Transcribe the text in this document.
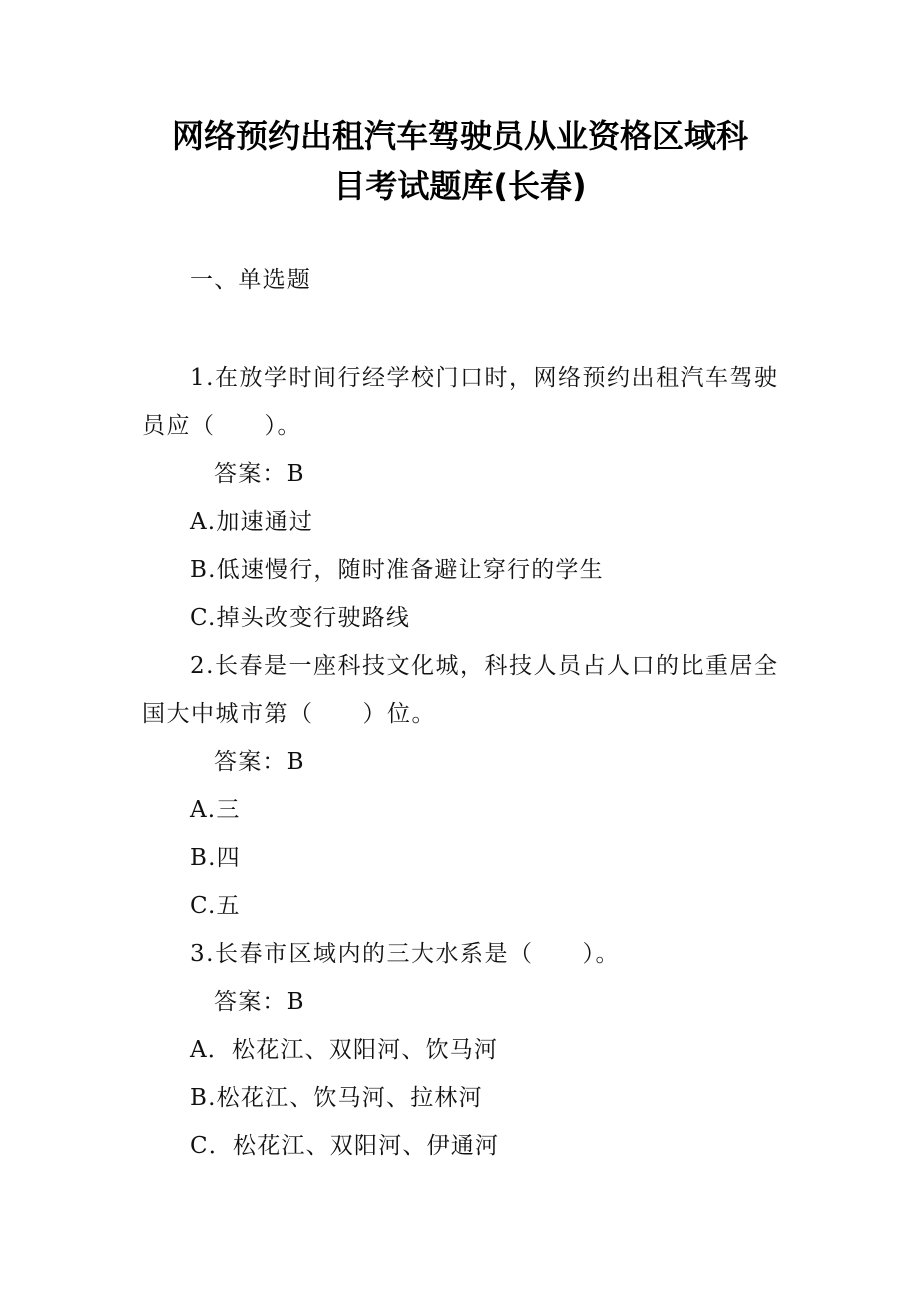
网络预约出租汽车驾驶员从业资格区域科
目考试题库(长春)
一、单选题
1.在放学时间行经学校门口时，网络预约出租汽车驾驶
员应（　　）。
答案：B
A.加速通过
B.低速慢行，随时准备避让穿行的学生
C.掉头改变行驶路线
2.长春是一座科技文化城，科技人员占人口的比重居全
国大中城市第（　　）位。
答案：B
A.三
B.四
C.五
3.长春市区域内的三大水系是（　　）。
答案：B
A．松花江、双阳河、饮马河
B.松花江、饮马河、拉林河
C．松花江、双阳河、伊通河
